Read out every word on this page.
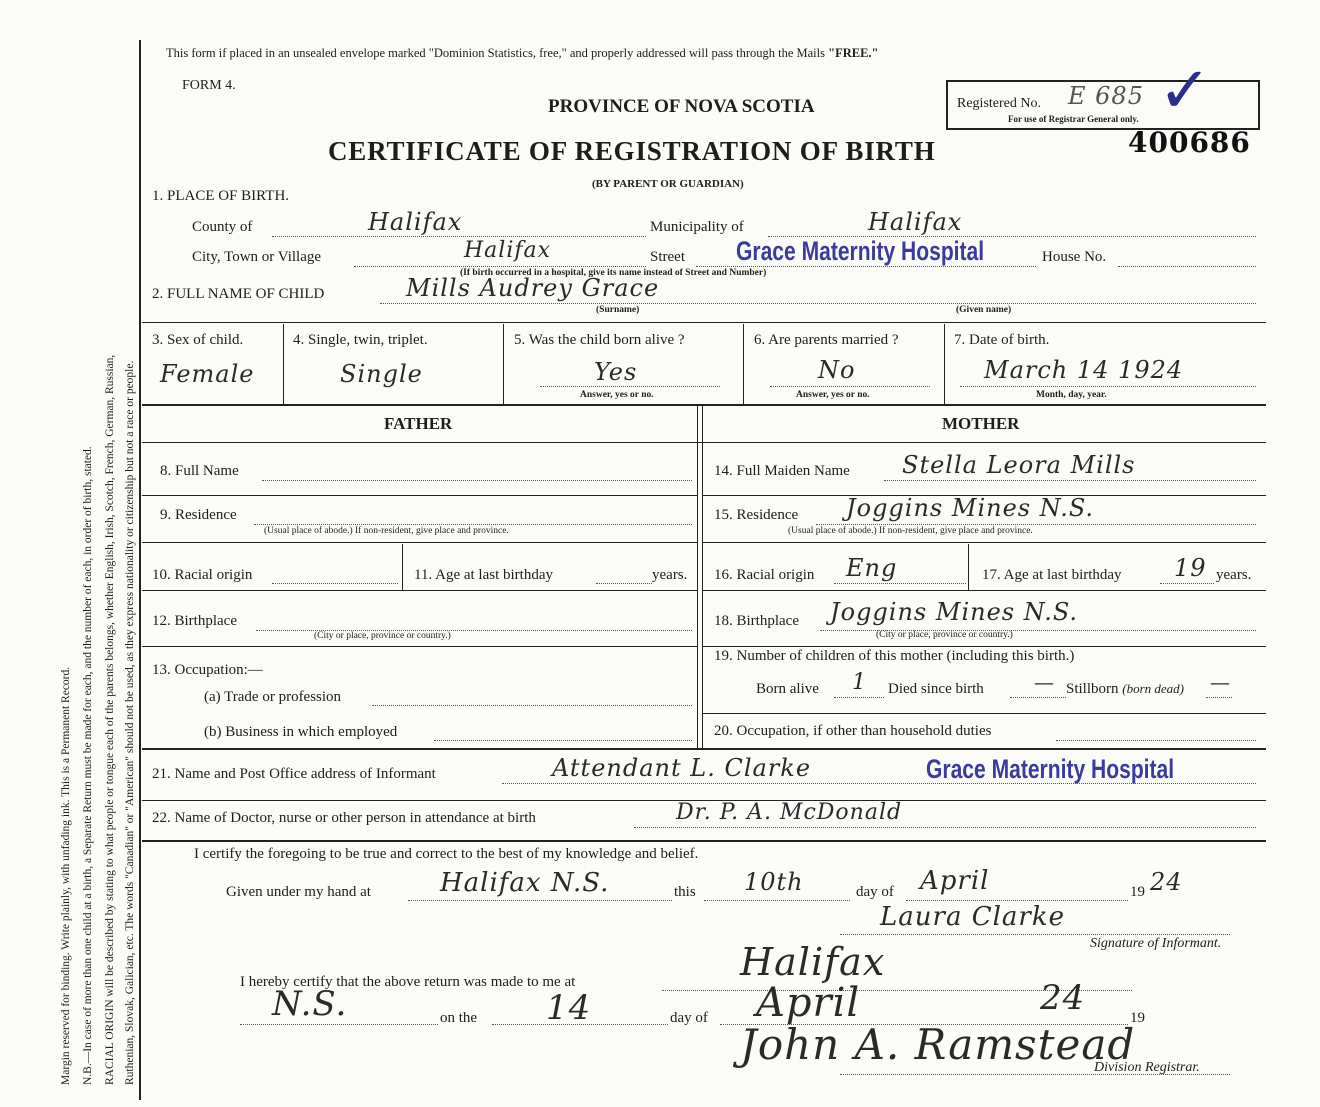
Margin reserved for binding. Write plainly, with unfading ink. This is a Permanent Record. N.B.—In case of more than one child at a birth, a Separate Return must be made for each, and the number of each, in order of birth, stated. RACIAL ORIGIN will be described by stating to what people or tongue each of the parents belongs, whether English, Irish, Scotch, French, German, Russian, Ruthenian, Slovak, Galician, etc. The words "Canadian" or "American" should not be used, as they express nationality or citizenship but not a race or people.
This form if placed in an unsealed envelope marked "Dominion Statistics, free," and properly addressed will pass through the Mails "FREE."
FORM 4.
PROVINCE OF NOVA SCOTIA
CERTIFICATE OF REGISTRATION OF BIRTH
(BY PARENT OR GUARDIAN)
Registered No. E 685
For use of Registrar General only. ✓
400686
1. PLACE OF BIRTH.
County of	Halifax	Municipality of	Halifax
City, Town or Village	Halifax	Street Grace Maternity Hospital	House No.
(If birth occurred in a hospital, give its name instead of Street and Number)
2. FULL NAME OF CHILD	Mills Audrey Grace
(Surname)	(Given name)
3. Sex of child.
Female
4. Single, twin, triplet.
Single
5. Was the child born alive ?
Yes
Answer, yes or no.
6. Are parents married ?
No
Answer, yes or no.
7. Date of birth.
March 14 1924
Month, day, year.
FATHER	MOTHER
8. Full Name
9. Residence
(Usual place of abode.) If non-resident, give place and province.
10. Racial origin	11. Age at last birthday	years.
12. Birthplace
(City or place, province or country.)
13. Occupation:—
(a) Trade or profession
(b) Business in which employed
14. Full Maiden Name Stella Leora Mills
15. Residence Joggins Mines N.S.
(Usual place of abode.) If non-resident, give place and province.
16. Racial origin Eng	17. Age at last birthday 19 years.
18. Birthplace Joggins Mines N.S.
(City or place, province or country.)
19. Number of children of this mother (including this birth.)
Born alive 1 Died since birth	— Stillborn (born dead) —
20. Occupation, if other than household duties
21. Name and Post Office address of Informant	Attendant L. Clarke	Grace Maternity Hospital
22. Name of Doctor, nurse or other person in attendance at birth	Dr. P. A. McDonald
I certify the foregoing to be true and correct to the best of my knowledge and belief.
Given under my hand at	Halifax N.S.	this 10th	day of April	19 24
Laura Clarke
Signature of Informant.
I hereby certify that the above return was made to me at	Halifax
N.S.	on the 14	day of April	19
24
John A. Ramstead
Division Registrar.
